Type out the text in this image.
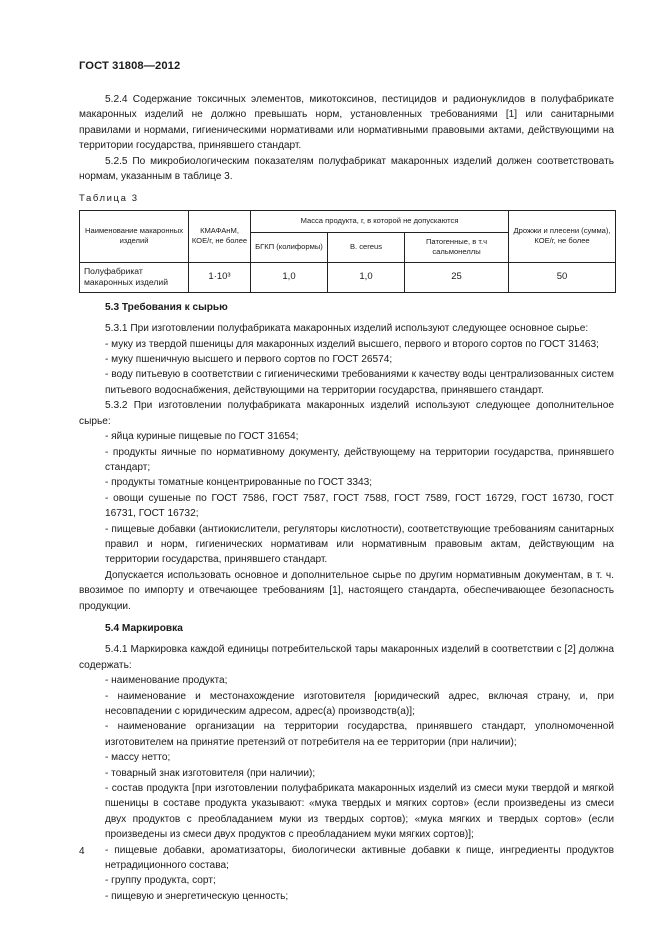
ГОСТ 31808—2012

5.2.4 Содержание токсичных элементов, микотоксинов, пестицидов и радионуклидов в полуфабрикате макаронных изделий не должно превышать норм, установленных требованиями [1] или санитарными правилами и нормами, гигиеническими нормативами или нормативными правовыми актами, действующими на территории государства, принявшего стандарт.

5.2.5 По микробиологическим показателям полуфабрикат макаронных изделий должен соответствовать нормам, указанным в таблице 3.

Таблица 3
Наименование макаронных изделий	КМАФАнМ, КОЕ/г, не более	Масса продукта, г, в которой не допускаются			Дрожжи и плесени (сумма), КОЕ/г, не более
		БГКП (колиформы)	B. cereus	Патогенные, в т.ч сальмонеллы	
Полуфабрикат макаронных изделий	1·10³	1,0	1,0	25	50
5.3 Требования к сырью

5.3.1 При изготовлении полуфабриката макаронных изделий используют следующее основное сырье:

- муку из твердой пшеницы для макаронных изделий высшего, первого и второго сортов по ГОСТ 31463;

- муку пшеничную высшего и первого сортов по ГОСТ 26574;

- воду питьевую в соответствии с гигиеническими требованиями к качеству воды централизованных систем питьевого водоснабжения, действующими на территории государства, принявшего стандарт.

5.3.2 При изготовлении полуфабриката макаронных изделий используют следующее дополнительное сырье:

- яйца куриные пищевые по ГОСТ 31654;

- продукты яичные по нормативному документу, действующему на территории государства, принявшего стандарт;

- продукты томатные концентрированные по ГОСТ 3343;

- овощи сушеные по ГОСТ 7586, ГОСТ 7587, ГОСТ 7588, ГОСТ 7589, ГОСТ 16729, ГОСТ 16730, ГОСТ 16731, ГОСТ 16732;

- пищевые добавки (антиокислители, регуляторы кислотности), соответствующие требованиям санитарных правил и норм, гигиенических нормативам или нормативным правовым актам, действующим на территории государства, принявшего стандарт.

Допускается использовать основное и дополнительное сырье по другим нормативным документам, в т. ч. ввозимое по импорту и отвечающее требованиям [1], настоящего стандарта, обеспечивающее безопасность продукции.

5.4 Маркировка

5.4.1 Маркировка каждой единицы потребительской тары макаронных изделий в соответствии с [2] должна содержать:

- наименование продукта;

- наименование и местонахождение изготовителя [юридический адрес, включая страну, и, при несовпадении с юридическим адресом, адрес(а) производств(а)];

- наименование организации на территории государства, принявшего стандарт, уполномоченной изготовителем на принятие претензий от потребителя на ее территории (при наличии);

- массу нетто;

- товарный знак изготовителя (при наличии);

- состав продукта [при изготовлении полуфабриката макаронных изделий из смеси муки твердой и мягкой пшеницы в составе продукта указывают: «мука твердых и мягких сортов» (если произведены из смеси двух продуктов с преобладанием муки из твердых сортов); «мука мягких и твердых сортов» (если произведены из смеси двух продуктов с преобладанием муки мягких сортов)];

- пищевые добавки, ароматизаторы, биологически активные добавки к пище, ингредиенты продуктов нетрадиционного состава;

- группу продукта, сорт;

- пищевую и энергетическую ценность;

4
